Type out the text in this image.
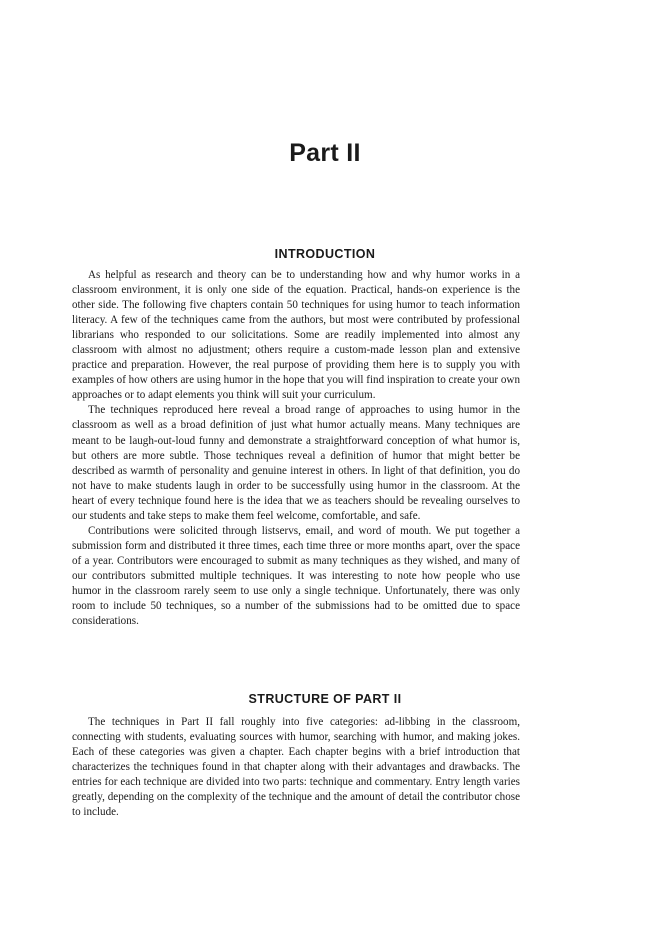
Part II
INTRODUCTION

As helpful as research and theory can be to understanding how and why humor works in a classroom environment, it is only one side of the equation. Practical, hands-on experience is the other side. The following five chapters contain 50 techniques for using humor to teach information literacy. A few of the techniques came from the authors, but most were contributed by professional librarians who responded to our solicitations. Some are readily implemented into almost any classroom with almost no adjustment; others require a custom-made lesson plan and extensive practice and preparation. However, the real purpose of providing them here is to supply you with examples of how others are using humor in the hope that you will find inspiration to create your own approaches or to adapt elements you think will suit your curriculum.

The techniques reproduced here reveal a broad range of approaches to using humor in the classroom as well as a broad definition of just what humor actually means. Many techniques are meant to be laugh-out-loud funny and demonstrate a straightforward conception of what humor is, but others are more subtle. Those techniques reveal a definition of humor that might better be described as warmth of personality and genuine interest in others. In light of that definition, you do not have to make students laugh in order to be successfully using humor in the classroom. At the heart of every technique found here is the idea that we as teachers should be revealing ourselves to our students and take steps to make them feel welcome, comfortable, and safe.

Contributions were solicited through listservs, email, and word of mouth. We put together a submission form and distributed it three times, each time three or more months apart, over the space of a year. Contributors were encouraged to submit as many techniques as they wished, and many of our contributors submitted multiple techniques. It was interesting to note how people who use humor in the classroom rarely seem to use only a single technique. Unfortunately, there was only room to include 50 techniques, so a number of the submissions had to be omitted due to space considerations.

STRUCTURE OF PART II

The techniques in Part II fall roughly into five categories: ad-libbing in the classroom, connecting with students, evaluating sources with humor, searching with humor, and making jokes. Each of these categories was given a chapter. Each chapter begins with a brief introduction that characterizes the techniques found in that chapter along with their advantages and drawbacks. The entries for each technique are divided into two parts: technique and commentary. Entry length varies greatly, depending on the complexity of the technique and the amount of detail the contributor chose to include.
